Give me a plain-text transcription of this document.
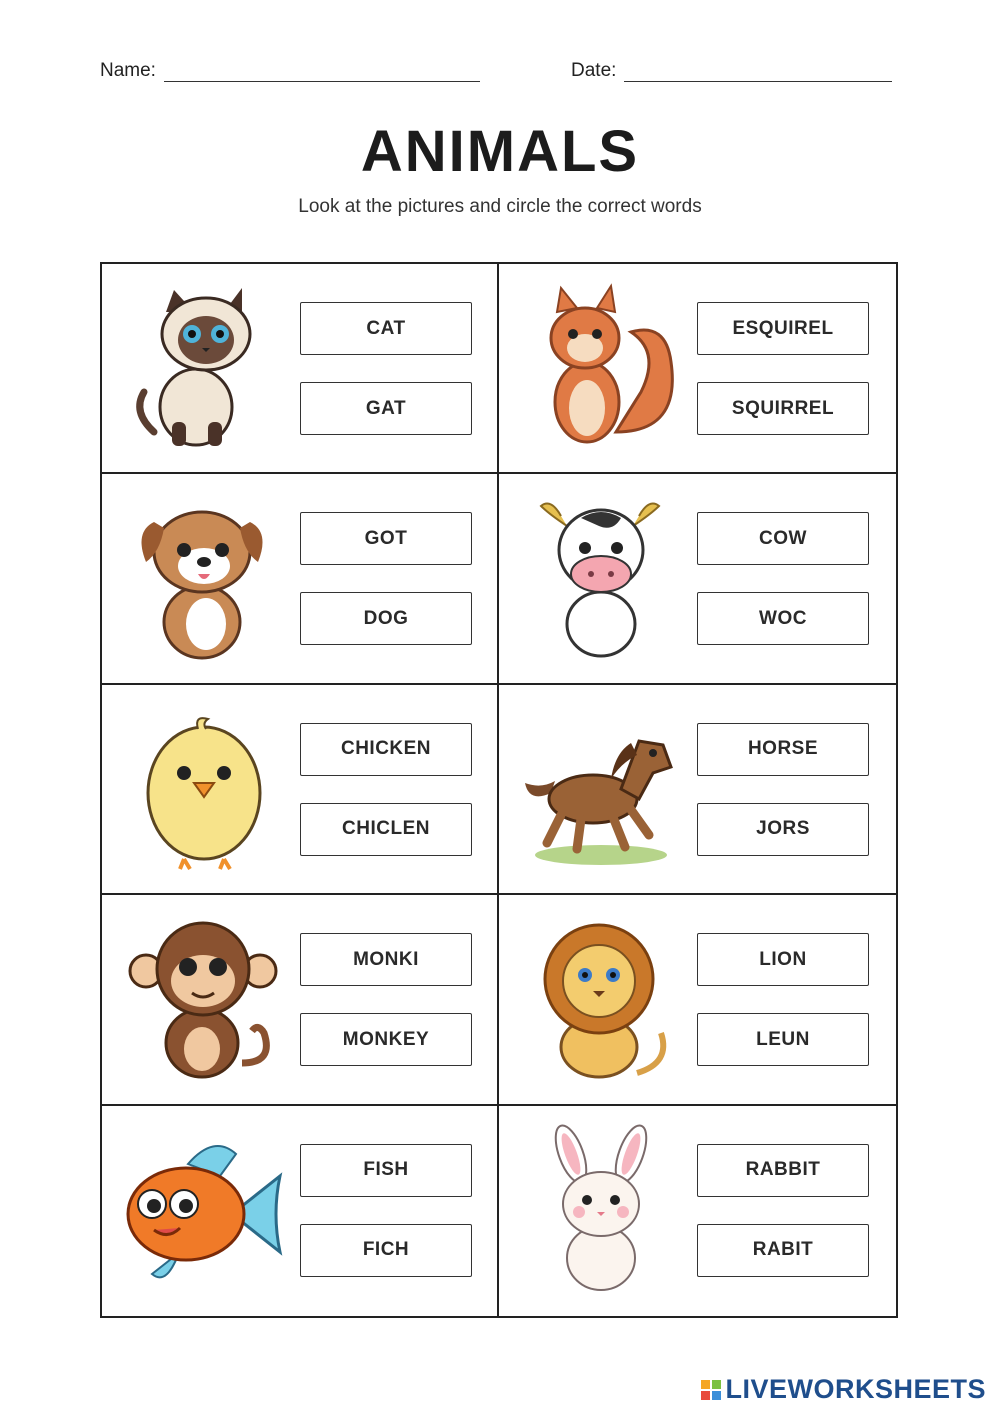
Name:	Date:
ANIMALS
Look at the pictures and circle the correct words
CAT
GAT
ESQUIREL
SQUIRREL
GOT
DOG
COW
WOC
CHICKEN
CHICLEN
HORSE
JORS
MONKI
MONKEY
LION
LEUN
FISH
FICH
RABBIT
RABIT
LIVEWORKSHEETS
